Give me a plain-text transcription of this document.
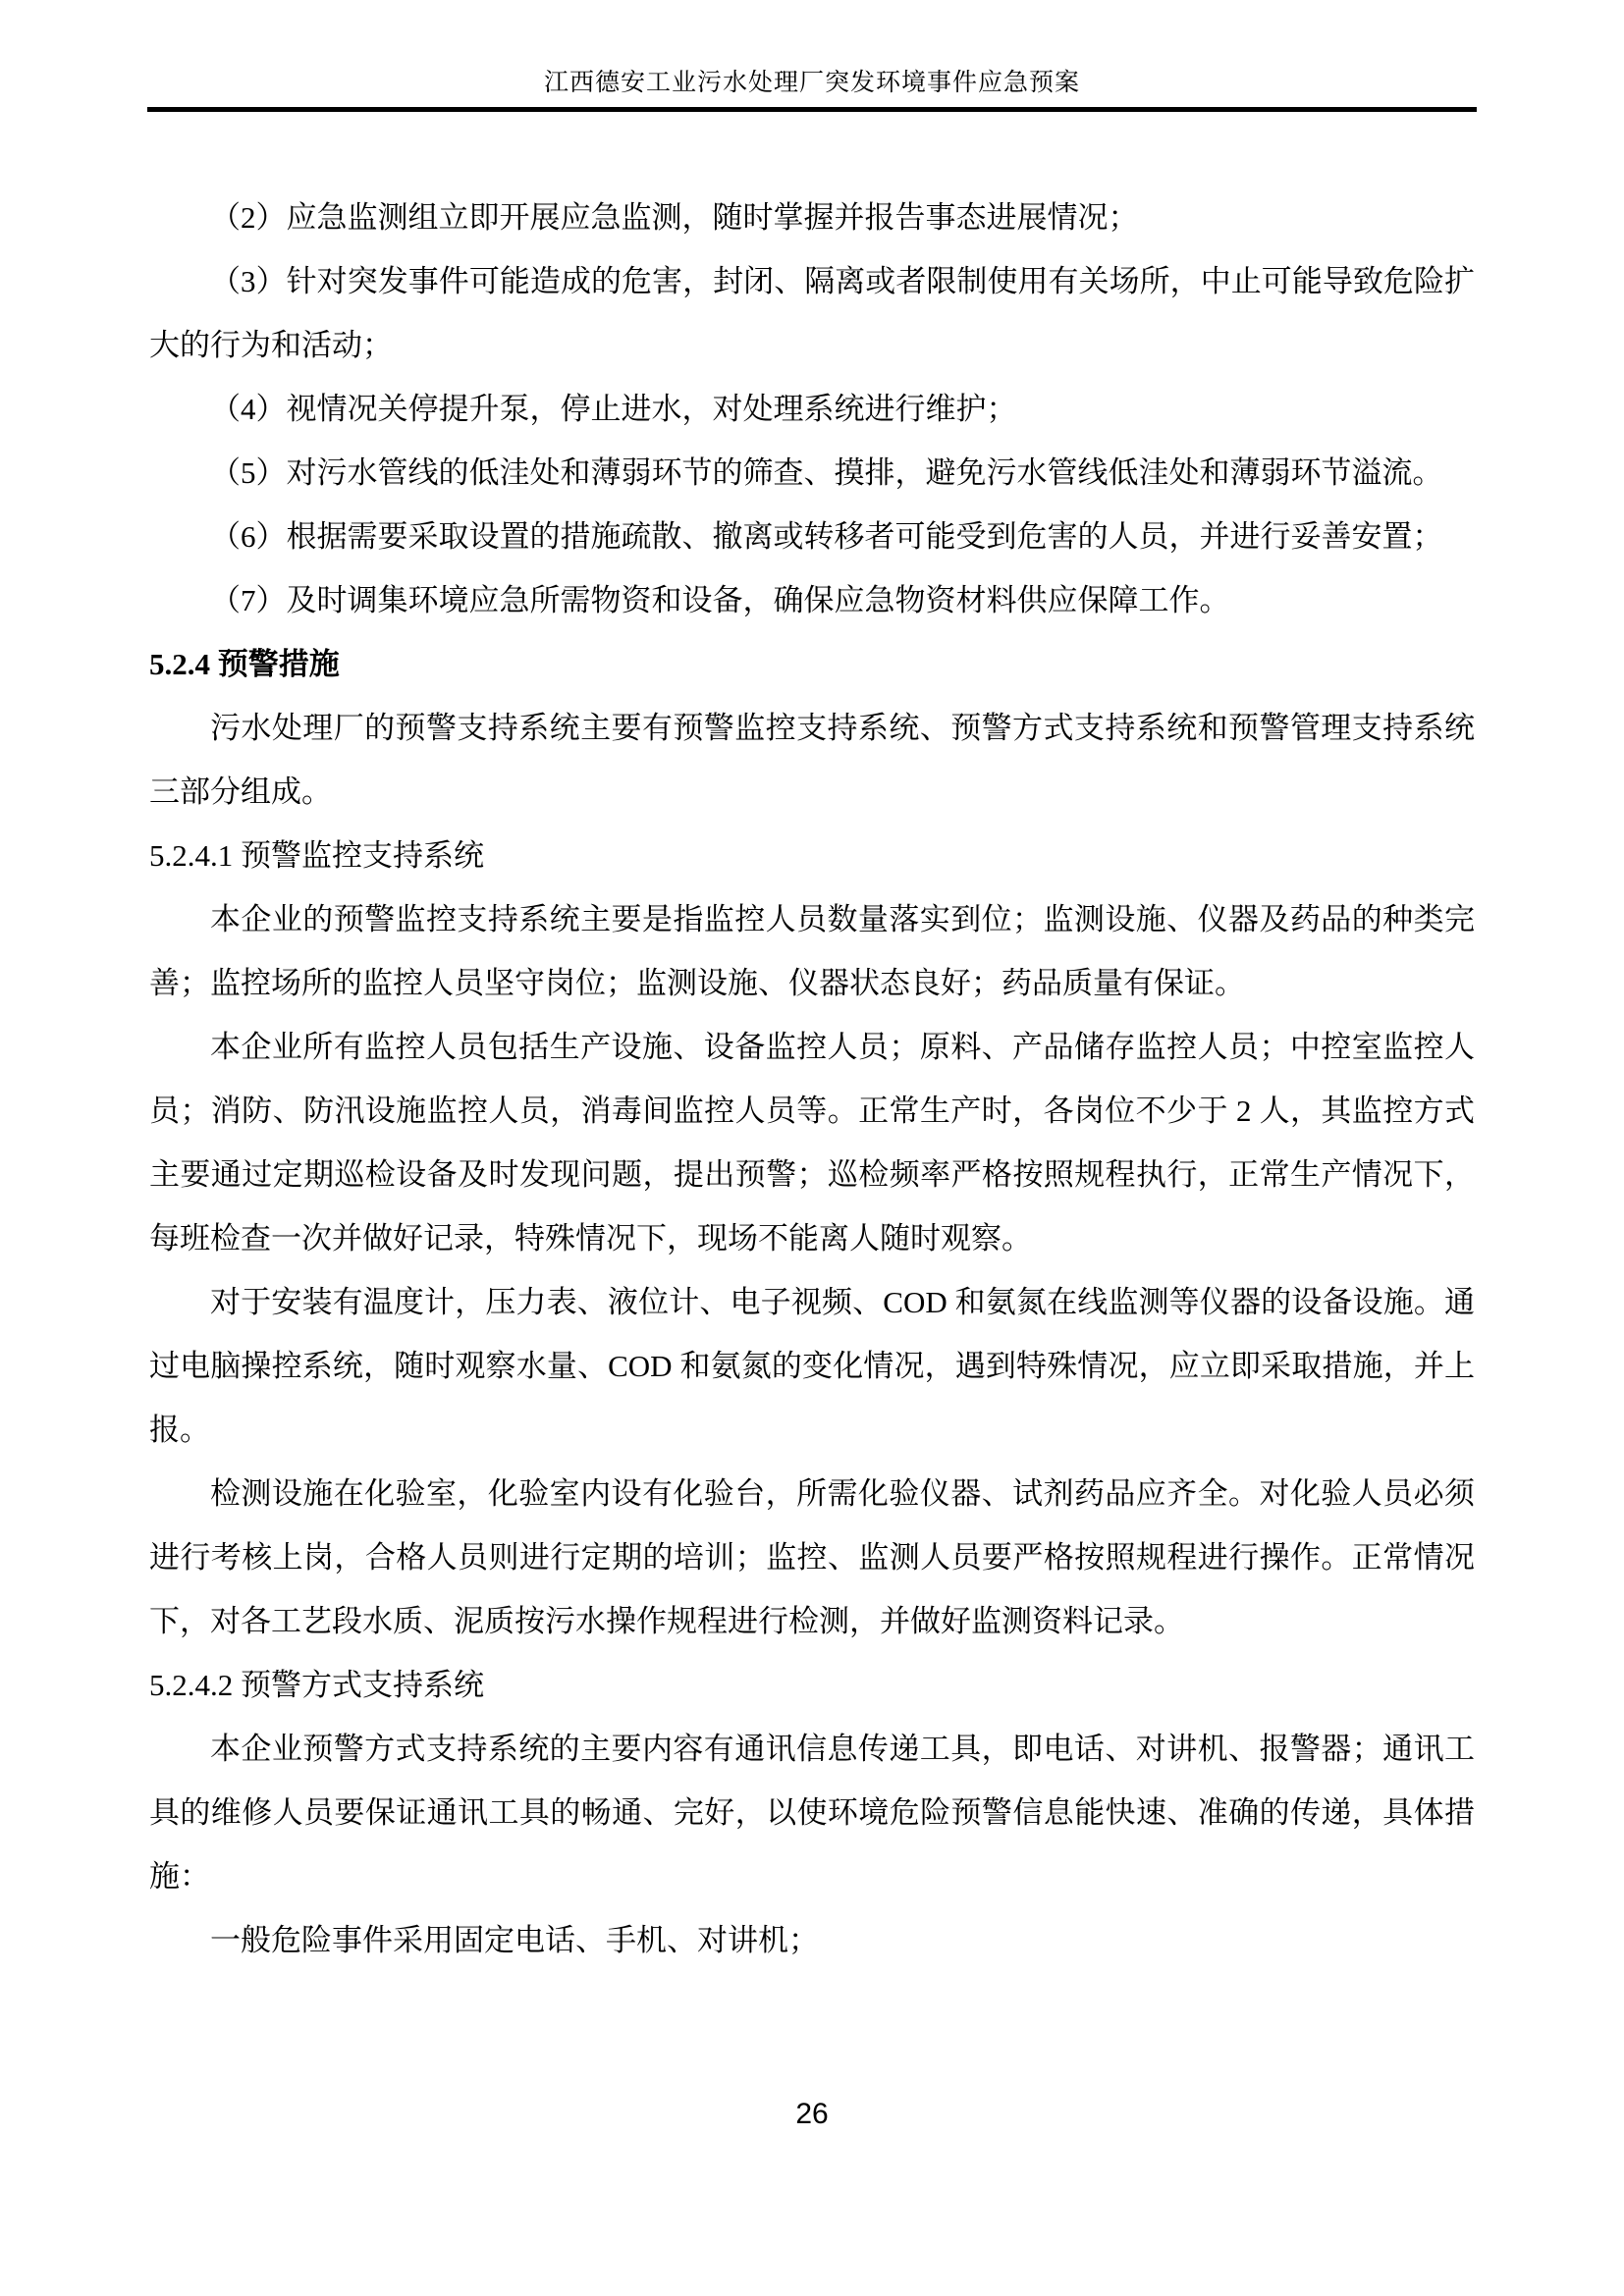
江西德安工业污水处理厂突发环境事件应急预案

（2）应急监测组立即开展应急监测，随时掌握并报告事态进展情况；

（3）针对突发事件可能造成的危害，封闭、隔离或者限制使用有关场所，中止可能导致危险扩大的行为和活动；

（4）视情况关停提升泵，停止进水，对处理系统进行维护；

（5）对污水管线的低洼处和薄弱环节的筛查、摸排，避免污水管线低洼处和薄弱环节溢流。

（6）根据需要采取设置的措施疏散、撤离或转移者可能受到危害的人员，并进行妥善安置；

（7）及时调集环境应急所需物资和设备，确保应急物资材料供应保障工作。

5.2.4 预警措施

污水处理厂的预警支持系统主要有预警监控支持系统、预警方式支持系统和预警管理支持系统三部分组成。

5.2.4.1 预警监控支持系统

本企业的预警监控支持系统主要是指监控人员数量落实到位；监测设施、仪器及药品的种类完善；监控场所的监控人员坚守岗位；监测设施、仪器状态良好；药品质量有保证。

本企业所有监控人员包括生产设施、设备监控人员；原料、产品储存监控人员；中控室监控人员；消防、防汛设施监控人员，消毒间监控人员等。正常生产时，各岗位不少于 2 人，其监控方式主要通过定期巡检设备及时发现问题，提出预警；巡检频率严格按照规程执行，正常生产情况下，每班检查一次并做好记录，特殊情况下，现场不能离人随时观察。

对于安装有温度计，压力表、液位计、电子视频、COD 和氨氮在线监测等仪器的设备设施。通过电脑操控系统，随时观察水量、COD 和氨氮的变化情况，遇到特殊情况，应立即采取措施，并上报。

检测设施在化验室，化验室内设有化验台，所需化验仪器、试剂药品应齐全。对化验人员必须进行考核上岗，合格人员则进行定期的培训；监控、监测人员要严格按照规程进行操作。正常情况下，对各工艺段水质、泥质按污水操作规程进行检测，并做好监测资料记录。

5.2.4.2 预警方式支持系统

本企业预警方式支持系统的主要内容有通讯信息传递工具，即电话、对讲机、报警器；通讯工具的维修人员要保证通讯工具的畅通、完好，以使环境危险预警信息能快速、准确的传递，具体措施：

一般危险事件采用固定电话、手机、对讲机；

26
